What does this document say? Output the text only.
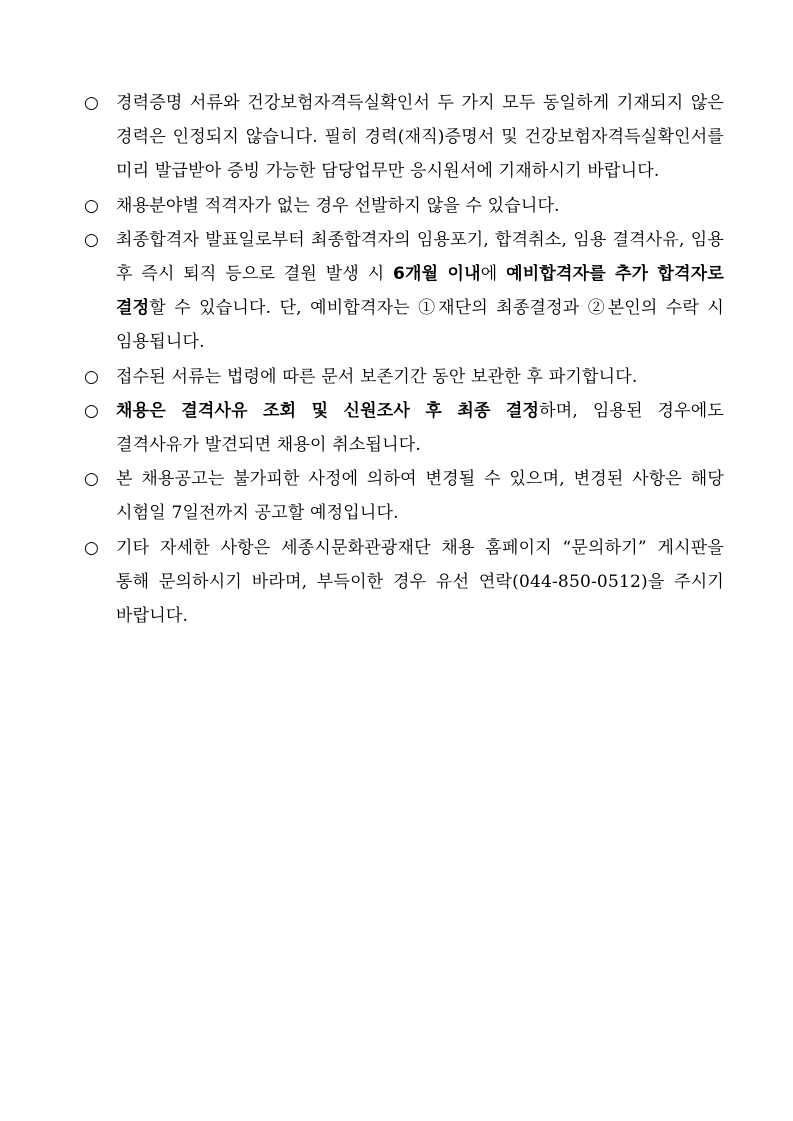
○ 경력증명 서류와 건강보험자격득실확인서 두 가지 모두 동일하게 기재되지 않은 경력은 인정되지 않습니다. 필히 경력(재직)증명서 및 건강보험자격득실확인서를 미리 발급받아 증빙 가능한 담당업무만 응시원서에 기재하시기 바랍니다.
○ 채용분야별 적격자가 없는 경우 선발하지 않을 수 있습니다.
○ 최종합격자 발표일로부터 최종합격자의 임용포기, 합격취소, 임용 결격사유, 임용 후 즉시 퇴직 등으로 결원 발생 시 6개월 이내에 예비합격자를 추가 합격자로 결정할 수 있습니다. 단, 예비합격자는 ①재단의 최종결정과 ②본인의 수락 시 임용됩니다.
○ 접수된 서류는 법령에 따른 문서 보존기간 동안 보관한 후 파기합니다.
○ 채용은 결격사유 조회 및 신원조사 후 최종 결정하며, 임용된 경우에도 결격사유가 발견되면 채용이 취소됩니다.
○ 본 채용공고는 불가피한 사정에 의하여 변경될 수 있으며, 변경된 사항은 해당 시험일 7일전까지 공고할 예정입니다.
○ 기타 자세한 사항은 세종시문화관광재단 채용 홈페이지 “문의하기” 게시판을 통해 문의하시기 바라며, 부득이한 경우 유선 연락(044-850-0512)을 주시기 바랍니다.
